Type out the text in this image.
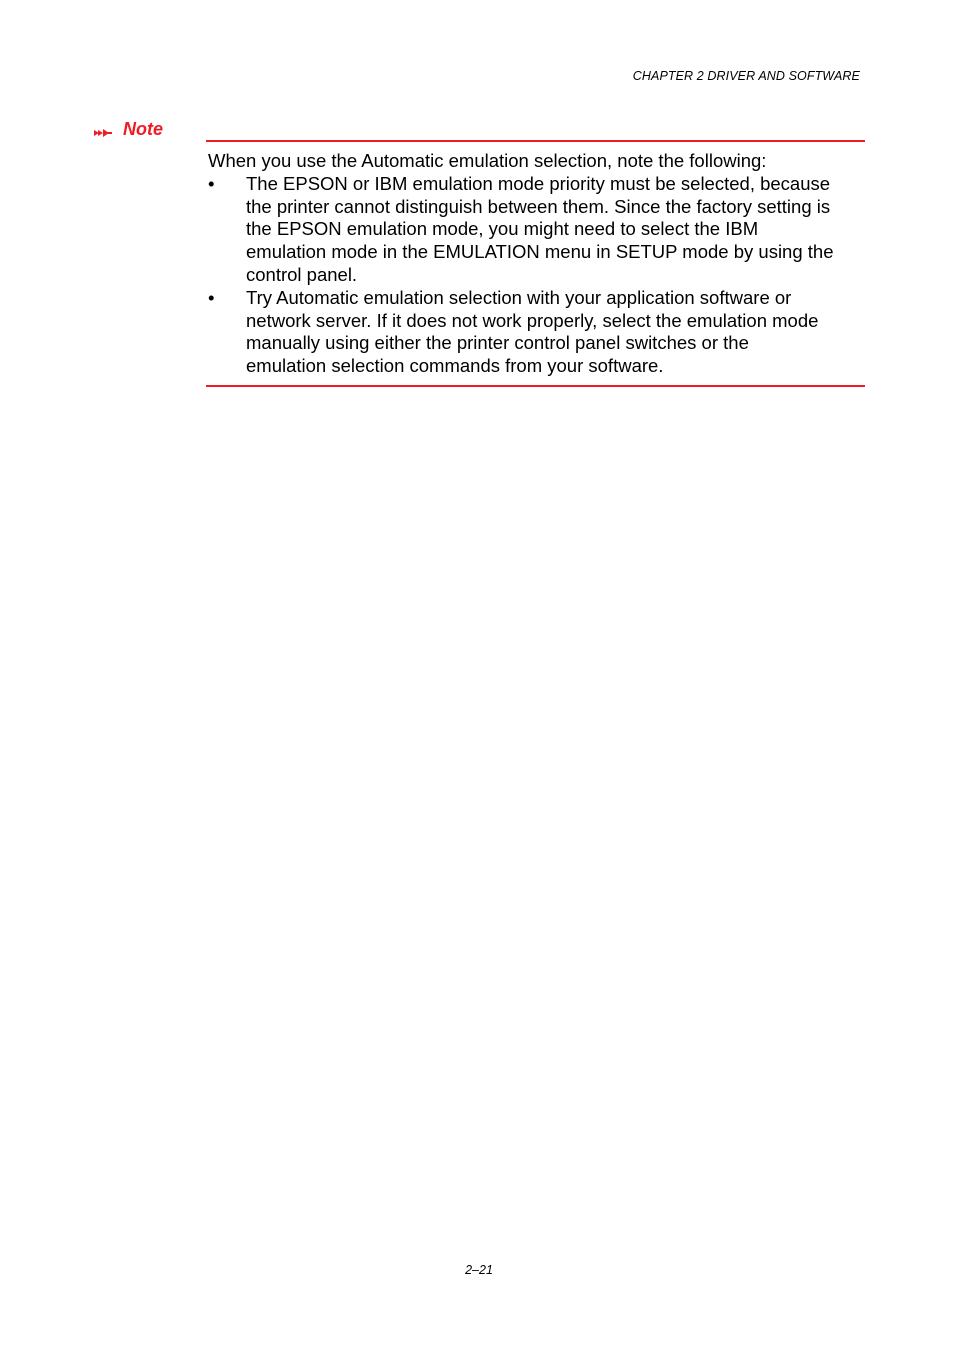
CHAPTER 2 DRIVER AND SOFTWARE
Note

When you use the Automatic emulation selection, note the following:

• The EPSON or IBM emulation mode priority must be selected, because
the printer cannot distinguish between them. Since the factory setting is
the EPSON emulation mode, you might need to select the IBM
emulation mode in the EMULATION menu in SETUP mode by using the
control panel.
• Try Automatic emulation selection with your application software or
network server. If it does not work properly, select the emulation mode
manually using either the printer control panel switches or the
emulation selection commands from your software.
2–21
